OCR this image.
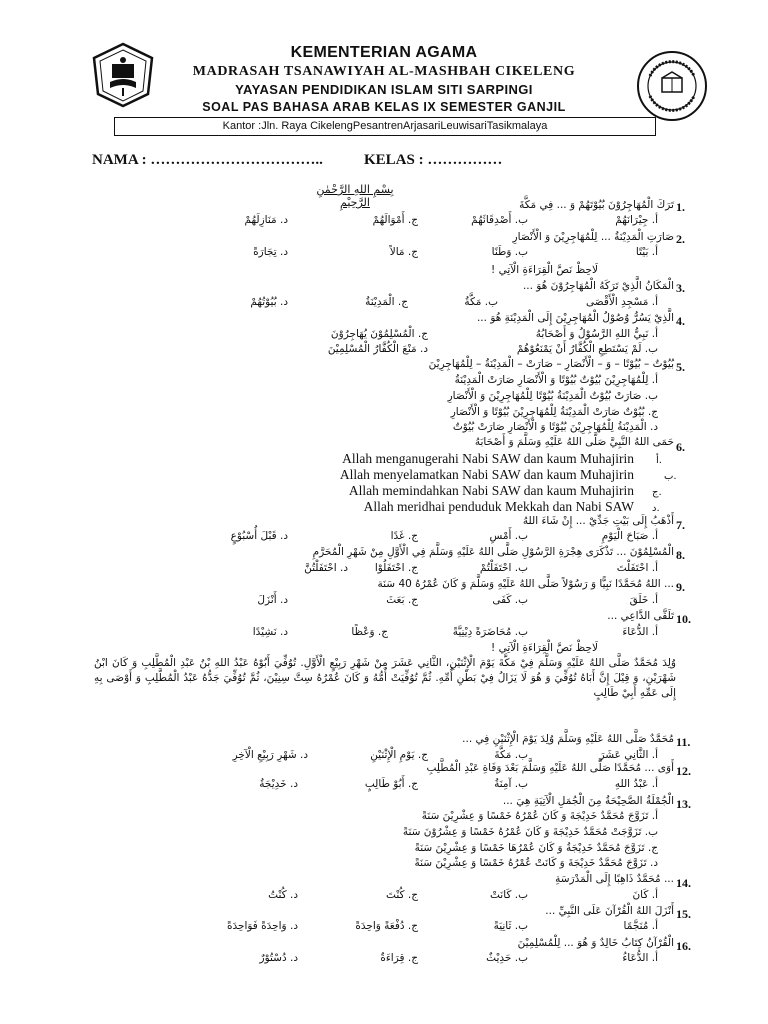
KEMENTERIAN AGAMA
MADRASAH TSANAWIYAH AL-MASHBAH CIKELENG
YAYASAN PENDIDIKAN ISLAM SITI SARPINGI
SOAL PAS BAHASA ARAB KELAS IX SEMESTER GANJIL
Kantor :Jln. Raya CikelengPesantrenArjasariLeuwisariTasikmalaya
NAMA : ……………………………..	KELAS : ……………
بِسْمِ اللهِ الرَّحْمٰنِ الرَّحِيْمِ	1.
تَرَكَ الْمُهَاجِرُوْنَ بُيُوْتَهُمْ وَ ... فِي مَكَّةَ
أ. جِيْرَانَهُمْ
ب. أَصْدِقَائَهُمْ
ج. أَمْوَالَهُمْ
د. مَنَازِلَهُمْ
2.
صَارَتِ الْمَدِيْنَةُ ... لِلْمُهَاجِرِيْنَ وَ الْأَنْصَارِ
أ. بَيْتًا
ب. وَطَنًا
ج. مَالاً
د. تِجَارَةً
لَاحِظْ نَصَّ الْقِرَاءَةِ الْآتِي !
3.
الْمَكَانُ الَّذِيْ تَرَكَهُ الْمُهَاجِرُوْنَ هُوَ ...
أ. مَسْجِدِ الْأَقْصَى
ب. مَكَّةُ
ج. الْمَدِيْنَةُ
د. بُيُوْتُهُمْ
4.
الَّذِيْ يَسُرُّ وُصُوْلُ الْمُهَاجِرِيْنَ إِلَى الْمَدِيْنَةِ هُوَ ...
أ. نَبِيُّ اللهِ الرَّسُوْلُ وَ أَصْحَابُهُ
ج. الْمُسْلِمُوْنَ يُهَاجِرُوْنَ
ب. لَمْ يَسْتَطِعِ الْكُفَّارُ أَنْ يَمْنَعُوْهُمْ
د. مَنْعَ الْكُفَّارُ الْمُسْلِمِيْنَ
5.
بُيُوْتٌ – بُيُوْتًا – وَ – الْأَنْصَارِ – صَارَتْ – الْمَدِيْنَةُ – لِلْمُهَاجِرِيْنَ
أ. لِلْمُهَاجِرِيْنَ بُيُوْتٌ بُيُوْتًا وَ الْأَنْصَارِ صَارَتْ الْمَدِيْنَةُ
ب. صَارَتْ بُيُوْتٌ الْمَدِيْنَةُ بُيُوْتًا لِلْمُهَاجِرِيْنَ وَ الْأَنْصَارِ
ج. بُيُوْتٌ صَارَتْ الْمَدِيْنَةُ لِلْمُهَاجِرِيْنَ بُيُوْتًا وَ الْأَنْصَارِ
د. الْمَدِيْنَةُ لِلْمُهَاجِرِيْنَ بُيُوْتًا وَ الْأَنْصَارِ صَارَتْ بُيُوْتٌ
حَمَى اللهُ النَّبِيَّ صَلَّى اللهُ عَلَيْهِ وَسَلَّمَ وَ أَصْحَابَهُ 6.
أ.
Allah menganugerahi Nabi SAW dan kaum Muhajirin
ب.
Allah menyelamatkan Nabi SAW dan kaum Muhajirin
ج.
Allah memindahkan Nabi SAW dan kaum Muhajirin
د.
Allah meridhai penduduk Mekkah dan Nabi SAW
أَذْهَبُ إِلَى بَيْتِ جَدِّيْ ... إِنْ شَاءَ اللهُ 7.
أ. صَبَاحَ الْيَوْمِ
ب. أَمْسِ
ج. غَدًا
د. قَبْلَ أُسْبُوْعٍ
8.
الْمُسْلِمُوْنَ ... تَذْكَرَى هِجْرَةِ الرَّسُوْلِ صَلَّى اللهُ عَلَيْهِ وَسَلَّمَ فِي الْأَوَّلِ مِنْ شَهْرِ الْمُحَرَّمِ
أ. احْتَفَلْتَ
ب. احْتَفَلْتُمْ
ج. احْتَفَلُوْا
د. احْتَفَلْتُنَّ
9.
... اللهُ مُحَمَّدًا نَبِيًّا وَ رَسُوْلاً صَلَّى اللهُ عَلَيْهِ وَسَلَّمَ وَ كَانَ عُمْرُهُ 40 سَنَة
أ. خَلَقَ
ب. كَفَى
ج. بَعَثَ
د. أَنْزَلَ
10.
تَلَقَّى الدَّاعِي ...
أ. الدُّعَاءَ
ب. مُحَاضَرَةً دِيْنِيَّةً
ج. وَعْظًا
د. نَشِيْدًا
لَاحِظْ نَصَّ الْقِرَاءَةِ الْآتِي !
وُلِدَ مُحَمَّدٌ صَلَّى اللهُ عَلَيْهِ وَسَلَّمَ فِيْ مَكَّةَ يَوْمَ الْإِثْنَيْنِ، الثَّانِي عَشَرَ مِنْ شَهْرِ رَبِيْعٍ الْأَوَّلِ. تُوُفِّيَ أَبُوْهُ عَبْدُ اللهِ بْنُ عَبْدِ الْمُطَّلِبِ وَ كَانَ ابْنُ شَهْرَيْنِ، وَ قِيْلَ إِنَّ أَبَاهُ تُوُفِّيَ وَ هُوَ لَا يَزَالُ فِيْ بَطْنِ أُمِّهِ. ثُمَّ تُوُفِّيَتْ أُمُّهُ وَ كَانَ عُمْرُهُ سِتَّ سِنِيْنَ، ثُمَّ تُوُفِّيَ جَدُّهُ عَبْدُ الْمُطَّلِبِ وَ أَوْصَى بِهِ إِلَى عَمِّهِ أَبِيْ طَالِبٍ
11.
مُحَمَّدٌ صَلَّى اللهُ عَلَيْهِ وَسَلَّمَ وُلِدَ يَوْمَ الْإِثْنَيْنِ فِي ...
أ. الثَّانِي عَشَرَ
ب. مَكَّةَ
ج. يَوْمِ الْإِثْنَيْنِ
د. شَهْرِ رَبِيْعِ الْآخِرِ
12.
أَوَى ... مُحَمَّدًا صَلَّى اللهُ عَلَيْهِ وَسَلَّمَ بَعْدَ وَفَاةِ عَبْدِ الْمُطَّلِبِ
أ. عَبْدُ اللهِ
ب. آمِنَةُ
ج. أَبُوْ طَالِبٍ
د. خَدِيْجَةُ
13.
الْجُمْلَةُ الصَّحِيْحَةُ مِنَ الْجُمَلِ الْآتِيَةِ هِيَ ...
أ. تَزَوَّجَ مُحَمَّدٌ خَدِيْجَةَ وَ كَانَ عُمْرُهُ خَمْسًا وَ عِشْرِيْنَ سَنَةً
ب. تَزَوَّجَتْ مُحَمَّدٌ خَدِيْجَةَ وَ كَانَ عُمْرُهُ خَمْسًا وَ عِشْرُوْنَ سَنَةً
ج. تَزَوَّجَ مُحَمَّدٌ خَدِيْجَةُ وَ كَانَ عُمْرُهَا خَمْسًا وَ عِشْرِيْنَ سَنَةً
د. تَزَوَّجَ مُحَمَّدٌ خَدِيْجَةَ وَ كَانَتْ عُمْرُهُ خَمْسًا وَ عِشْرِيْنَ سَنَةً
14.
... مُحَمَّدٌ ذَاهِبًا إِلَى الْمَدْرَسَةِ
أ. كَانَ
ب. كَانَتْ
ج. كُنْتَ
د. كُنْتُ
15.
أَنْزَلَ اللهُ الْقُرْآنَ عَلَى النَّبِيِّ ...
أ. مُنَجَّمًا
ب. ثَانِيَةً
ج. دُفْعَةً وَاحِدَةً
د. وَاحِدَةً فَوَاحِدَةً
16.
الْقُرْآنُ كِتَابُ خَالِدٌ وَ هُوَ ... لِلْمُسْلِمِيْنَ
أ. الدُّعَاءُ
ب. حَدِيْثٌ
ج. قِرَاءَةٌ
د. دُسْتُوْرٌ
